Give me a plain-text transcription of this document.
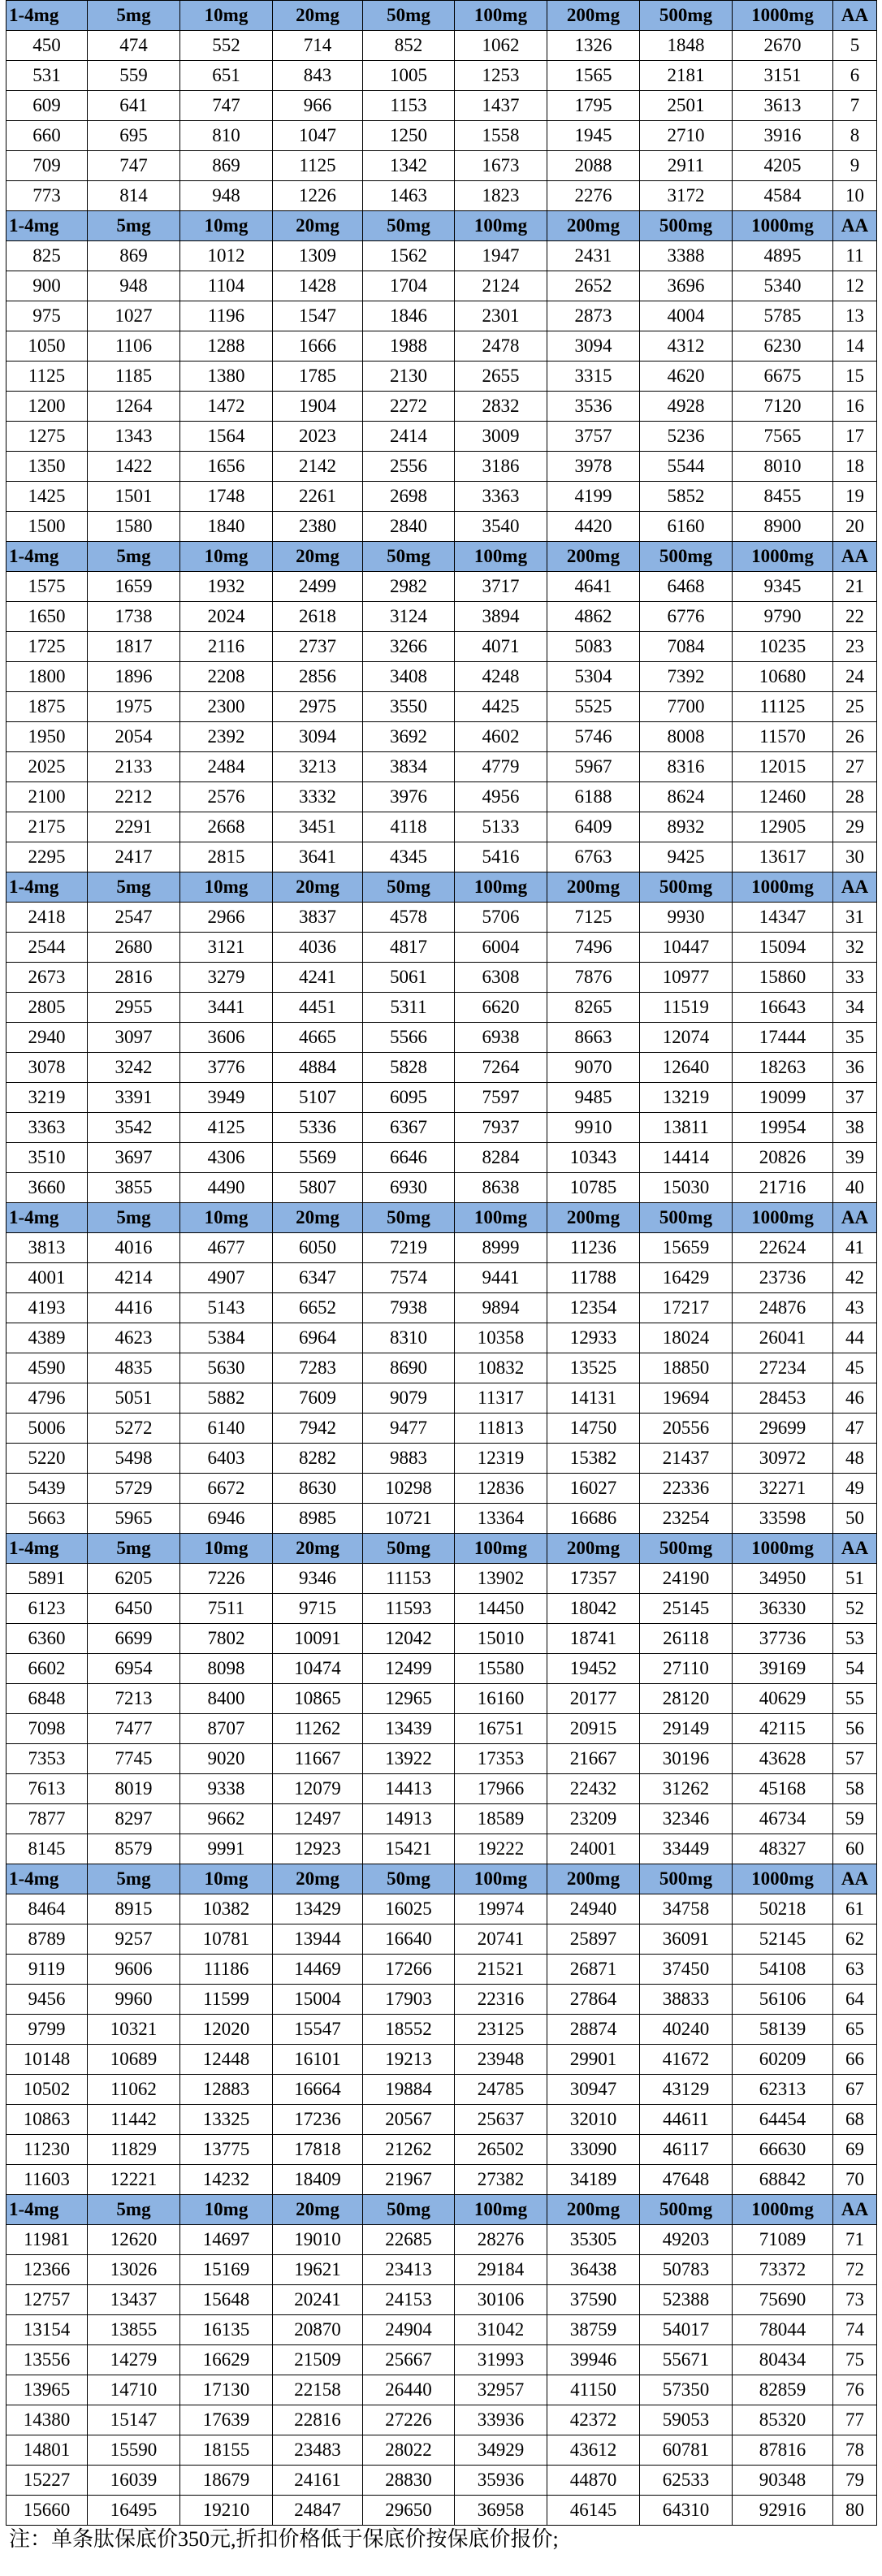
1-4mg	5mg	10mg	20mg	50mg	100mg	200mg	500mg	1000mg	AA
450	474	552	714	852	1062	1326	1848	2670	5
531	559	651	843	1005	1253	1565	2181	3151	6
609	641	747	966	1153	1437	1795	2501	3613	7
660	695	810	1047	1250	1558	1945	2710	3916	8
709	747	869	1125	1342	1673	2088	2911	4205	9
773	814	948	1226	1463	1823	2276	3172	4584	10
1-4mg	5mg	10mg	20mg	50mg	100mg	200mg	500mg	1000mg	AA
825	869	1012	1309	1562	1947	2431	3388	4895	11
900	948	1104	1428	1704	2124	2652	3696	5340	12
975	1027	1196	1547	1846	2301	2873	4004	5785	13
1050	1106	1288	1666	1988	2478	3094	4312	6230	14
1125	1185	1380	1785	2130	2655	3315	4620	6675	15
1200	1264	1472	1904	2272	2832	3536	4928	7120	16
1275	1343	1564	2023	2414	3009	3757	5236	7565	17
1350	1422	1656	2142	2556	3186	3978	5544	8010	18
1425	1501	1748	2261	2698	3363	4199	5852	8455	19
1500	1580	1840	2380	2840	3540	4420	6160	8900	20
1-4mg	5mg	10mg	20mg	50mg	100mg	200mg	500mg	1000mg	AA
1575	1659	1932	2499	2982	3717	4641	6468	9345	21
1650	1738	2024	2618	3124	3894	4862	6776	9790	22
1725	1817	2116	2737	3266	4071	5083	7084	10235	23
1800	1896	2208	2856	3408	4248	5304	7392	10680	24
1875	1975	2300	2975	3550	4425	5525	7700	11125	25
1950	2054	2392	3094	3692	4602	5746	8008	11570	26
2025	2133	2484	3213	3834	4779	5967	8316	12015	27
2100	2212	2576	3332	3976	4956	6188	8624	12460	28
2175	2291	2668	3451	4118	5133	6409	8932	12905	29
2295	2417	2815	3641	4345	5416	6763	9425	13617	30
1-4mg	5mg	10mg	20mg	50mg	100mg	200mg	500mg	1000mg	AA
2418	2547	2966	3837	4578	5706	7125	9930	14347	31
2544	2680	3121	4036	4817	6004	7496	10447	15094	32
2673	2816	3279	4241	5061	6308	7876	10977	15860	33
2805	2955	3441	4451	5311	6620	8265	11519	16643	34
2940	3097	3606	4665	5566	6938	8663	12074	17444	35
3078	3242	3776	4884	5828	7264	9070	12640	18263	36
3219	3391	3949	5107	6095	7597	9485	13219	19099	37
3363	3542	4125	5336	6367	7937	9910	13811	19954	38
3510	3697	4306	5569	6646	8284	10343	14414	20826	39
3660	3855	4490	5807	6930	8638	10785	15030	21716	40
1-4mg	5mg	10mg	20mg	50mg	100mg	200mg	500mg	1000mg	AA
3813	4016	4677	6050	7219	8999	11236	15659	22624	41
4001	4214	4907	6347	7574	9441	11788	16429	23736	42
4193	4416	5143	6652	7938	9894	12354	17217	24876	43
4389	4623	5384	6964	8310	10358	12933	18024	26041	44
4590	4835	5630	7283	8690	10832	13525	18850	27234	45
4796	5051	5882	7609	9079	11317	14131	19694	28453	46
5006	5272	6140	7942	9477	11813	14750	20556	29699	47
5220	5498	6403	8282	9883	12319	15382	21437	30972	48
5439	5729	6672	8630	10298	12836	16027	22336	32271	49
5663	5965	6946	8985	10721	13364	16686	23254	33598	50
1-4mg	5mg	10mg	20mg	50mg	100mg	200mg	500mg	1000mg	AA
5891	6205	7226	9346	11153	13902	17357	24190	34950	51
6123	6450	7511	9715	11593	14450	18042	25145	36330	52
6360	6699	7802	10091	12042	15010	18741	26118	37736	53
6602	6954	8098	10474	12499	15580	19452	27110	39169	54
6848	7213	8400	10865	12965	16160	20177	28120	40629	55
7098	7477	8707	11262	13439	16751	20915	29149	42115	56
7353	7745	9020	11667	13922	17353	21667	30196	43628	57
7613	8019	9338	12079	14413	17966	22432	31262	45168	58
7877	8297	9662	12497	14913	18589	23209	32346	46734	59
8145	8579	9991	12923	15421	19222	24001	33449	48327	60
1-4mg	5mg	10mg	20mg	50mg	100mg	200mg	500mg	1000mg	AA
8464	8915	10382	13429	16025	19974	24940	34758	50218	61
8789	9257	10781	13944	16640	20741	25897	36091	52145	62
9119	9606	11186	14469	17266	21521	26871	37450	54108	63
9456	9960	11599	15004	17903	22316	27864	38833	56106	64
9799	10321	12020	15547	18552	23125	28874	40240	58139	65
10148	10689	12448	16101	19213	23948	29901	41672	60209	66
10502	11062	12883	16664	19884	24785	30947	43129	62313	67
10863	11442	13325	17236	20567	25637	32010	44611	64454	68
11230	11829	13775	17818	21262	26502	33090	46117	66630	69
11603	12221	14232	18409	21967	27382	34189	47648	68842	70
1-4mg	5mg	10mg	20mg	50mg	100mg	200mg	500mg	1000mg	AA
11981	12620	14697	19010	22685	28276	35305	49203	71089	71
12366	13026	15169	19621	23413	29184	36438	50783	73372	72
12757	13437	15648	20241	24153	30106	37590	52388	75690	73
13154	13855	16135	20870	24904	31042	38759	54017	78044	74
13556	14279	16629	21509	25667	31993	39946	55671	80434	75
13965	14710	17130	22158	26440	32957	41150	57350	82859	76
14380	15147	17639	22816	27226	33936	42372	59053	85320	77
14801	15590	18155	23483	28022	34929	43612	60781	87816	78
15227	16039	18679	24161	28830	35936	44870	62533	90348	79
15660	16495	19210	24847	29650	36958	46145	64310	92916	80
注：单条肽保底价350元,折扣价格低于保底价按保底价报价;
